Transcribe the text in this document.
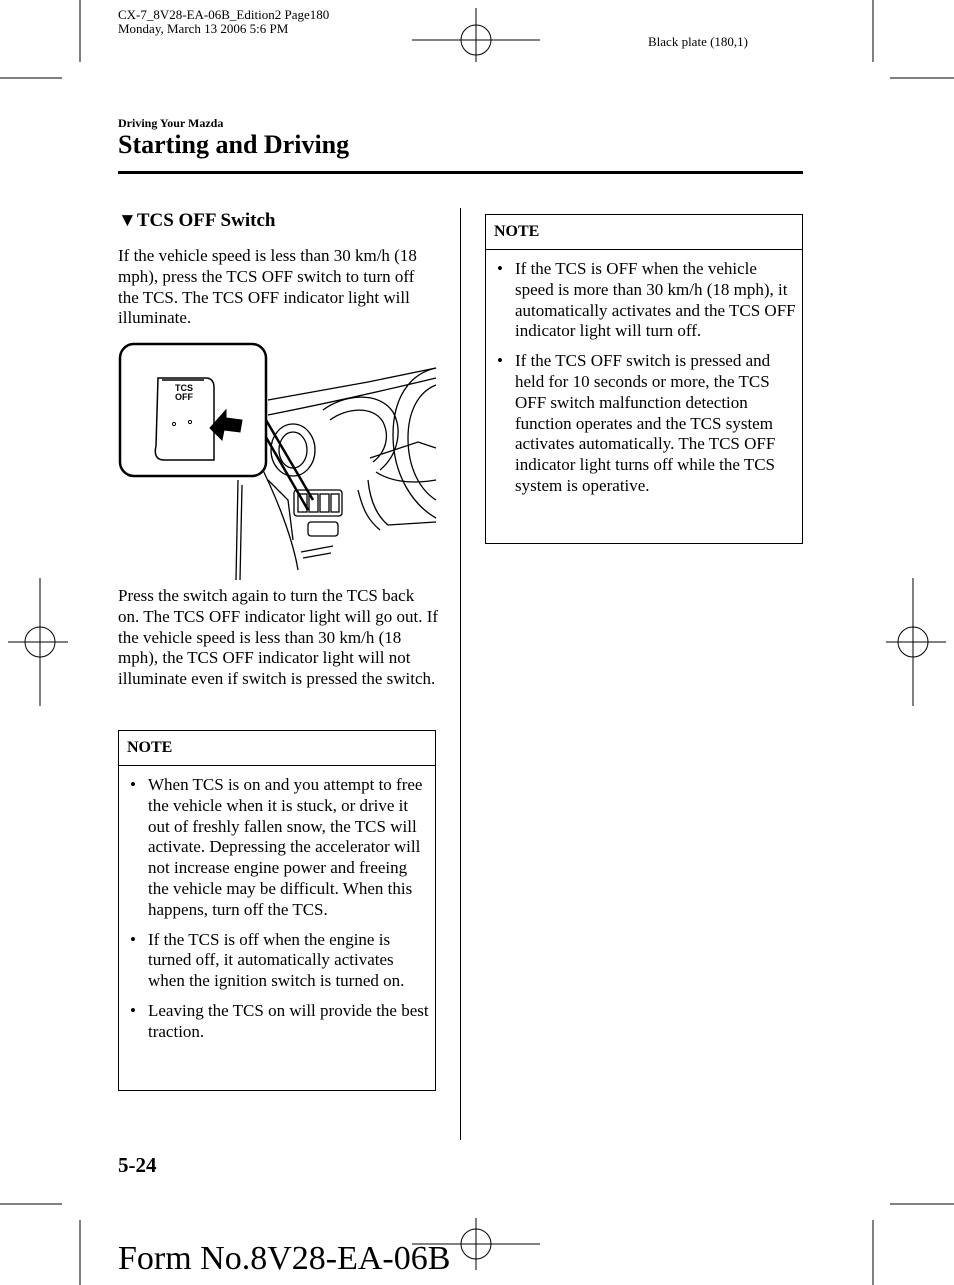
CX-7_8V28-EA-06B_Edition2 Page180
Monday, March 13 2006 5:6 PM
Black plate (180,1)
Driving Your Mazda
Starting and Driving
▼TCS OFF Switch

If the vehicle speed is less than 30 km/h (18 mph), press the TCS OFF switch to turn off the TCS. The TCS OFF indicator light will illuminate.

TCS
OFF

Press the switch again to turn the TCS back on. The TCS OFF indicator light will go out. If the vehicle speed is less than 30 km/h (18 mph), the TCS OFF indicator light will not illuminate even if switch is pressed the switch.

NOTE
• When TCS is on and you attempt to free the vehicle when it is stuck, or drive it out of freshly fallen snow, the TCS will activate. Depressing the accelerator will not increase engine power and freeing the vehicle may be difficult. When this happens, turn off the TCS.
• If the TCS is off when the engine is turned off, it automatically activates when the ignition switch is turned on.
• Leaving the TCS on will provide the best traction.
NOTE
• If the TCS is OFF when the vehicle speed is more than 30 km/h (18 mph), it automatically activates and the TCS OFF indicator light will turn off.
• If the TCS OFF switch is pressed and held for 10 seconds or more, the TCS OFF switch malfunction detection function operates and the TCS system activates automatically. The TCS OFF indicator light turns off while the TCS system is operative.
5-24
Form No.8V28-EA-06B
